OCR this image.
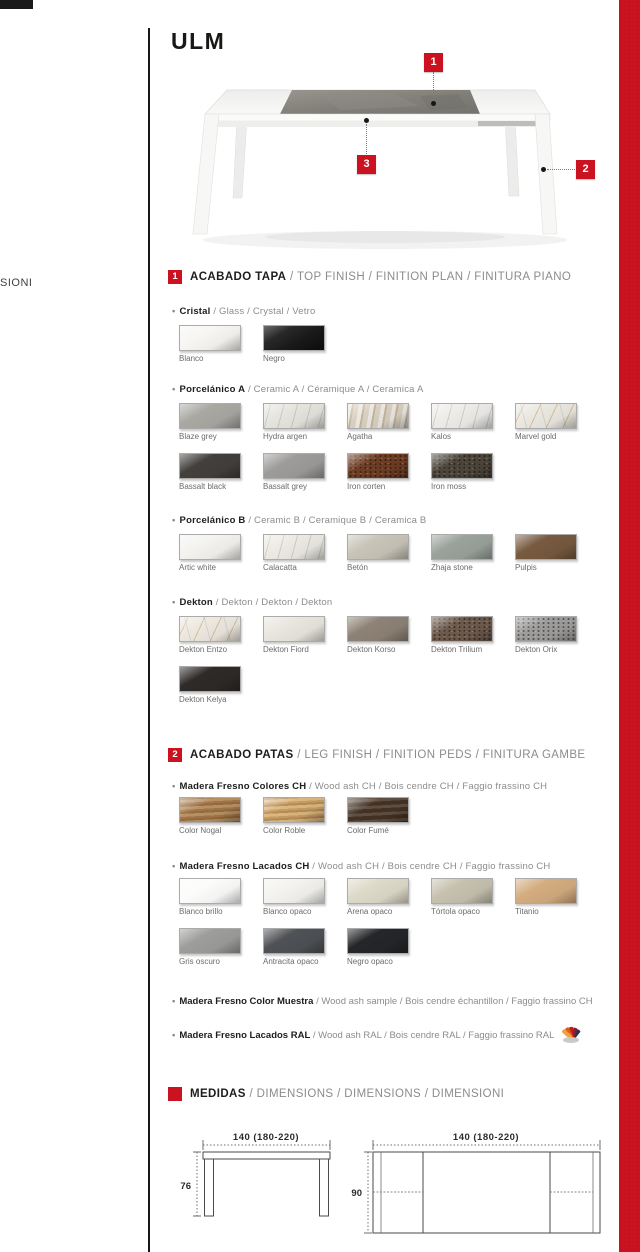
SIONI
ULM
1
3	2
1	ACABADO TAPA / TOP FINISH / FINITION PLAN / FINITURA PIANO
• Cristal / Glass / Crystal / Vetro
Blanco	Negro
• Porcelánico A / Ceramic A / Céramique A / Ceramica A
Blaze grey	Hydra argen	Agatha	Kalos	Marvel gold
Bassalt black	Bassalt grey	Iron corten	Iron moss
• Porcelánico B / Ceramic B / Ceramique B / Ceramica B
Artic white	Calacatta	Betón	Zhaja stone	Pulpis
• Dekton / Dekton / Dekton / Dekton
Dekton Entzo	Dekton Fiord	Dekton Korso	Dekton Trilium	Dekton Orix
Dekton Kelya
2	ACABADO PATAS / LEG FINISH / FINITION PEDS / FINITURA GAMBE
• Madera Fresno Colores CH / Wood ash CH / Bois cendre CH / Faggio frassino CH
Color Nogal	Color Roble	Color Fumé
• Madera Fresno Lacados CH / Wood ash CH / Bois cendre CH / Faggio frassino CH
Blanco brillo	Blanco opaco	Arena opaco	Tórtola opaco	Titanio
Gris oscuro	Antracita opaco	Negro opaco
• Madera Fresno Color Muestra
/ Wood ash sample / Bois cendre échantillon / Faggio frassino CH
• Madera Fresno Lacados RAL
/ Wood ash RAL / Bois cendre RAL / Faggio frassino RAL
MEDIDAS / DIMENSIONS / DIMENSIONS / DIMENSIONI
140 (180-220)
76
140 (180-220)
90
